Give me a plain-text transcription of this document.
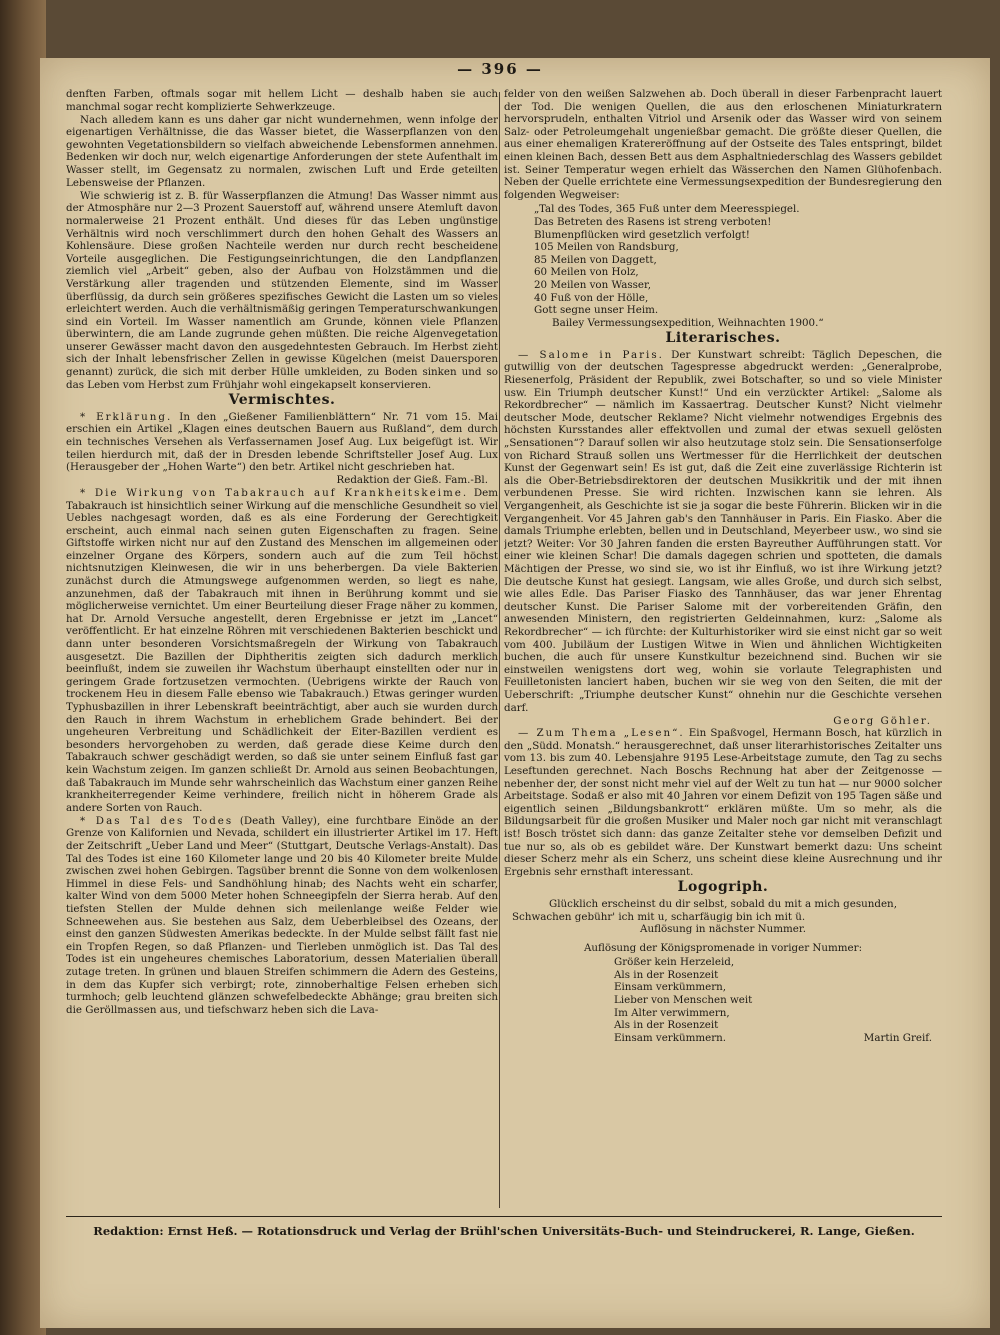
— 396 —

denften Farben, oftmals sogar mit hellem Licht — deshalb haben sie auch manchmal sogar recht komplizierte Sehwerkzeuge.

Nach alledem kann es uns daher gar nicht wundernehmen, wenn infolge der eigenartigen Verhältnisse, die das Wasser bietet, die Wasserpflanzen von den gewohnten Vegetationsbildern so vielfach abweichende Lebensformen annehmen. Bedenken wir doch nur, welch eigenartige Anforderungen der stete Aufenthalt im Wasser stellt, im Gegensatz zu normalen, zwischen Luft und Erde geteilten Lebensweise der Pflanzen.

Wie schwierig ist z. B. für Wasserpflanzen die Atmung! Das Wasser nimmt aus der Atmosphäre nur 2—3 Prozent Sauerstoff auf, während unsere Atemluft davon normalerweise 21 Prozent enthält. Und dieses für das Leben ungünstige Verhältnis wird noch verschlimmert durch den hohen Gehalt des Wassers an Kohlensäure. Diese großen Nachteile werden nur durch recht bescheidene Vorteile ausgeglichen. Die Festigungseinrichtungen, die den Landpflanzen ziemlich viel „Arbeit“ geben, also der Aufbau von Holzstämmen und die Verstärkung aller tragenden und stützenden Elemente, sind im Wasser überflüssig, da durch sein größeres spezifisches Gewicht die Lasten um so vieles erleichtert werden. Auch die verhältnismäßig geringen Temperaturschwankungen sind ein Vorteil. Im Wasser namentlich am Grunde, können viele Pflanzen überwintern, die am Lande zugrunde gehen müßten. Die reiche Algenvegetation unserer Gewässer macht davon den ausgedehntesten Gebrauch. Im Herbst zieht sich der Inhalt lebensfrischer Zellen in gewisse Kügelchen (meist Dauersporen genannt) zurück, die sich mit derber Hülle umkleiden, zu Boden sinken und so das Leben vom Herbst zum Frühjahr wohl eingekapselt konservieren.

Vermischtes.

* Erklärung. In den „Gießener Familienblättern“ Nr. 71 vom 15. Mai erschien ein Artikel „Klagen eines deutschen Bauern aus Rußland“, dem durch ein technisches Versehen als Verfassernamen Josef Aug. Lux beigefügt ist. Wir teilen hierdurch mit, daß der in Dresden lebende Schriftsteller Josef Aug. Lux (Herausgeber der „Hohen Warte“) den betr. Artikel nicht geschrieben hat.

Redaktion der Gieß. Fam.-Bl.

* Die Wirkung von Tabakrauch auf Krankheitskeime. Dem Tabakrauch ist hinsichtlich seiner Wirkung auf die menschliche Gesundheit so viel Uebles nachgesagt worden, daß es als eine Forderung der Gerechtigkeit erscheint, auch einmal nach seinen guten Eigenschaften zu fragen. Seine Giftstoffe wirken nicht nur auf den Zustand des Menschen im allgemeinen oder einzelner Organe des Körpers, sondern auch auf die zum Teil höchst nichtsnutzigen Kleinwesen, die wir in uns beherbergen. Da viele Bakterien zunächst durch die Atmungswege aufgenommen werden, so liegt es nahe, anzunehmen, daß der Tabakrauch mit ihnen in Berührung kommt und sie möglicherweise vernichtet. Um einer Beurteilung dieser Frage näher zu kommen, hat Dr. Arnold Versuche angestellt, deren Ergebnisse er jetzt im „Lancet“ veröffentlicht. Er hat einzelne Röhren mit verschiedenen Bakterien beschickt und dann unter besonderen Vorsichtsmaßregeln der Wirkung von Tabakrauch ausgesetzt. Die Bazillen der Diphtheritis zeigten sich dadurch merklich beeinflußt, indem sie zuweilen ihr Wachstum überhaupt einstellten oder nur in geringem Grade fortzusetzen vermochten. (Uebrigens wirkte der Rauch von trockenem Heu in diesem Falle ebenso wie Tabakrauch.) Etwas geringer wurden Typhusbazillen in ihrer Lebenskraft beeinträchtigt, aber auch sie wurden durch den Rauch in ihrem Wachstum in erheblichem Grade behindert. Bei der ungeheuren Verbreitung und Schädlichkeit der Eiter-Bazillen verdient es besonders hervorgehoben zu werden, daß gerade diese Keime durch den Tabakrauch schwer geschädigt werden, so daß sie unter seinem Einfluß fast gar kein Wachstum zeigen. Im ganzen schließt Dr. Arnold aus seinen Beobachtungen, daß Tabakrauch im Munde sehr wahrscheinlich das Wachstum einer ganzen Reihe krankheiterregender Keime verhindere, freilich nicht in höherem Grade als andere Sorten von Rauch.

* Das Tal des Todes (Death Valley), eine furchtbare Einöde an der Grenze von Kalifornien und Nevada, schildert ein illustrierter Artikel im 17. Heft der Zeitschrift „Ueber Land und Meer“ (Stuttgart, Deutsche Verlags-Anstalt). Das Tal des Todes ist eine 160 Kilometer lange und 20 bis 40 Kilometer breite Mulde zwischen zwei hohen Gebirgen. Tagsüber brennt die Sonne von dem wolkenlosen Himmel in diese Fels- und Sandhöhlung hinab; des Nachts weht ein scharfer, kalter Wind von dem 5000 Meter hohen Schneegipfeln der Sierra herab. Auf den tiefsten Stellen der Mulde dehnen sich meilenlange weiße Felder wie Schneewehen aus. Sie bestehen aus Salz, dem Ueberbleibsel des Ozeans, der einst den ganzen Südwesten Amerikas bedeckte. In der Mulde selbst fällt fast nie ein Tropfen Regen, so daß Pflanzen- und Tierleben unmöglich ist. Das Tal des Todes ist ein ungeheures chemisches Laboratorium, dessen Materialien überall zutage treten. In grünen und blauen Streifen schimmern die Adern des Gesteins, in dem das Kupfer sich verbirgt; rote, zinnoberhaltige Felsen erheben sich turmhoch; gelb leuchtend glänzen schwefelbedeckte Abhänge; grau breiten sich die Geröllmassen aus, und tiefschwarz heben sich die Lava-

felder von den weißen Salzwehen ab. Doch überall in dieser Farbenpracht lauert der Tod. Die wenigen Quellen, die aus den erloschenen Miniaturkratern hervorsprudeln, enthalten Vitriol und Arsenik oder das Wasser wird von seinem Salz- oder Petroleumgehalt ungenießbar gemacht. Die größte dieser Quellen, die aus einer ehemaligen Kratereröffnung auf der Ostseite des Tales entspringt, bildet einen kleinen Bach, dessen Bett aus dem Asphaltniederschlag des Wassers gebildet ist. Seiner Temperatur wegen erhielt das Wässerchen den Namen Glühofenbach. Neben der Quelle errichtete eine Vermessungsexpedition der Bundesregierung den folgenden Wegweiser:

„Tal des Todes, 365 Fuß unter dem Meeresspiegel.
Das Betreten des Rasens ist streng verboten!
Blumenpflücken wird gesetzlich verfolgt!
105 Meilen von Randsburg,
85 Meilen von Daggett,
60 Meilen von Holz,
20 Meilen von Wasser,
40 Fuß von der Hölle,
Gott segne unser Heim.
Bailey Vermessungsexpedition, Weihnachten 1900.“
Literarisches.

— Salome in Paris. Der Kunstwart schreibt: Täglich Depeschen, die gutwillig von der deutschen Tagespresse abgedruckt werden: „Generalprobe, Riesenerfolg, Präsident der Republik, zwei Botschafter, so und so viele Minister usw. Ein Triumph deutscher Kunst!“ Und ein verzückter Artikel: „Salome als Rekordbrecher“ — nämlich im Kassaertrag. Deutscher Kunst? Nicht vielmehr deutscher Mode, deutscher Reklame? Nicht vielmehr notwendiges Ergebnis des höchsten Kursstandes aller effektvollen und zumal der etwas sexuell gelösten „Sensationen“? Darauf sollen wir also heutzutage stolz sein. Die Sensationserfolge von Richard Strauß sollen uns Wertmesser für die Herrlichkeit der deutschen Kunst der Gegenwart sein! Es ist gut, daß die Zeit eine zuverlässige Richterin ist als die Ober-Betriebsdirektoren der deutschen Musikkritik und der mit ihnen verbundenen Presse. Sie wird richten. Inzwischen kann sie lehren. Als Vergangenheit, als Geschichte ist sie ja sogar die beste Führerin. Blicken wir in die Vergangenheit. Vor 45 Jahren gab's den Tannhäuser in Paris. Ein Fiasko. Aber die damals Triumphe erlebten, bellen und in Deutschland, Meyerbeer usw., wo sind sie jetzt? Weiter: Vor 30 Jahren fanden die ersten Bayreuther Aufführungen statt. Vor einer wie kleinen Schar! Die damals dagegen schrien und spotteten, die damals Mächtigen der Presse, wo sind sie, wo ist ihr Einfluß, wo ist ihre Wirkung jetzt? Die deutsche Kunst hat gesiegt. Langsam, wie alles Große, und durch sich selbst, wie alles Edle. Das Pariser Fiasko des Tannhäuser, das war jener Ehrentag deutscher Kunst. Die Pariser Salome mit der vorbereitenden Gräfin, den anwesenden Ministern, den registrierten Geldeinnahmen, kurz: „Salome als Rekordbrecher“ — ich fürchte: der Kulturhistoriker wird sie einst nicht gar so weit vom 400. Jubiläum der Lustigen Witwe in Wien und ähnlichen Wichtigkeiten buchen, die auch für unsere Kunstkultur bezeichnend sind. Buchen wir sie einstweilen wenigstens dort weg, wohin sie vorlaute Telegraphisten und Feuilletonisten lanciert haben, buchen wir sie weg von den Seiten, die mit der Ueberschrift: „Triumphe deutscher Kunst“ ohnehin nur die Geschichte versehen darf.

Georg Göhler.

— Zum Thema „Lesen“. Ein Spaßvogel, Hermann Bosch, hat kürzlich in den „Südd. Monatsh.“ herausgerechnet, daß unser literarhistorisches Zeitalter uns vom 13. bis zum 40. Lebensjahre 9195 Lese-Arbeitstage zumute, den Tag zu sechs Leseftunden gerechnet. Nach Boschs Rechnung hat aber der Zeitgenosse — nebenher der, der sonst nicht mehr viel auf der Welt zu tun hat — nur 9000 solcher Arbeitstage. Sodaß er also mit 40 Jahren vor einem Defizit von 195 Tagen säße und eigentlich seinen „Bildungsbankrott“ erklären müßte. Um so mehr, als die Bildungsarbeit für die großen Musiker und Maler noch gar nicht mit veranschlagt ist! Bosch tröstet sich dann: das ganze Zeitalter stehe vor demselben Defizit und tue nur so, als ob es gebildet wäre. Der Kunstwart bemerkt dazu: Uns scheint dieser Scherz mehr als ein Scherz, uns scheint diese kleine Ausrechnung und ihr Ergebnis sehr ernsthaft interessant.

Logogriph.
Glücklich erscheinst du dir selbst, sobald du mit a mich gesunden,
Schwachen gebühr' ich mit u, scharfäugig bin ich mit ü.
Auflösung in nächster Nummer.
Auflösung der Königspromenade in voriger Nummer:
Größer kein Herzeleid,
Als in der Rosenzeit
Einsam verkümmern,
Lieber von Menschen weit
Im Alter verwimmern,
Als in der Rosenzeit
Einsam verkümmern.	Martin Greif.
Redaktion: Ernst Heß. — Rotationsdruck und Verlag der Brühl'schen Universitäts-Buch- und Steindruckerei, R. Lange, Gießen.
